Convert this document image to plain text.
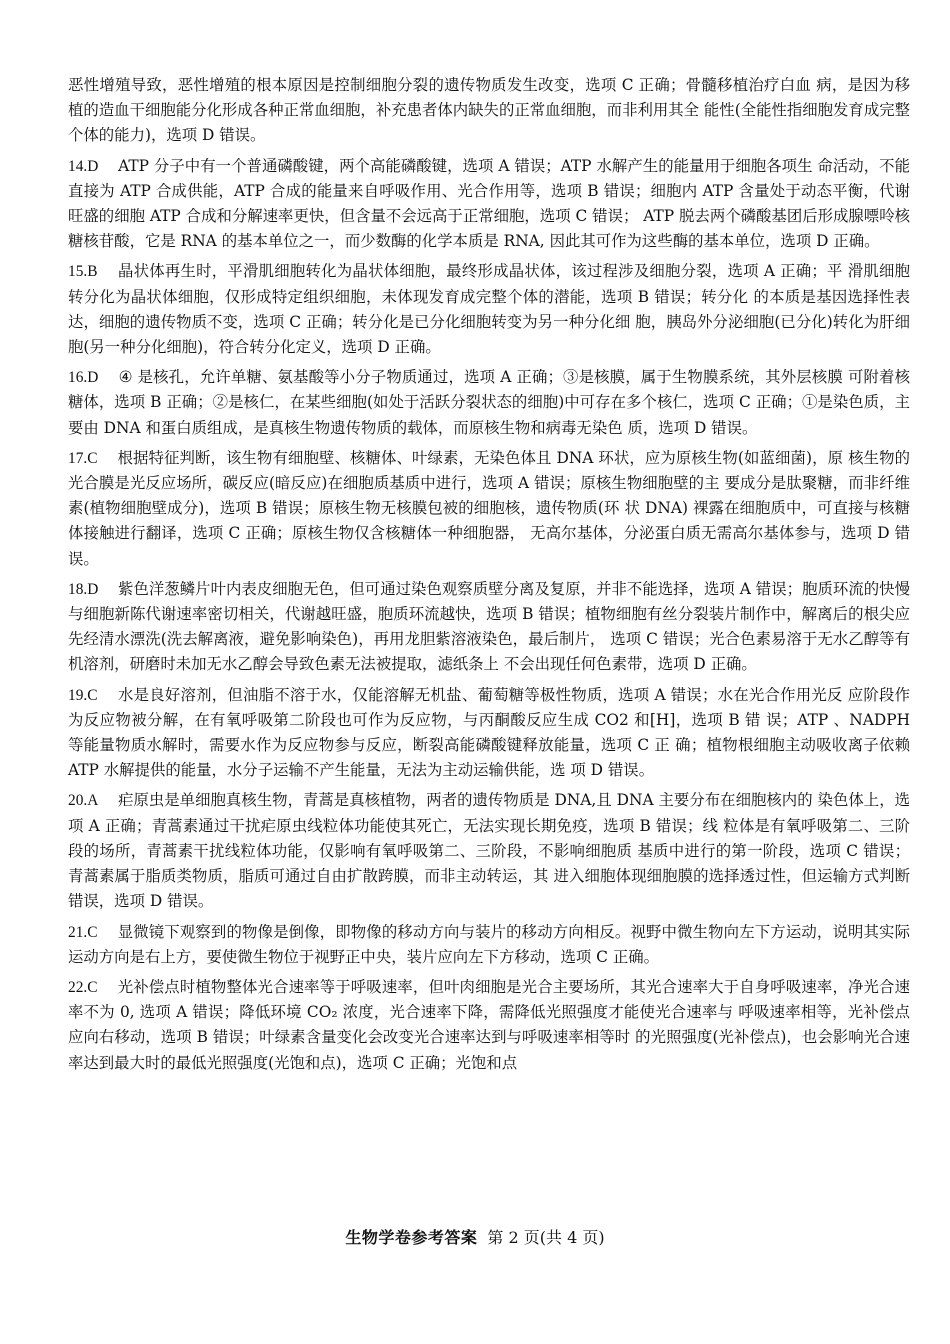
恶性增殖导致，恶性增殖的根本原因是控制细胞分裂的遗传物质发生改变，选项 C 正确；骨髓移植治疗白血 病，是因为移植的造血干细胞能分化形成各种正常血细胞，补充患者体内缺失的正常血细胞，而非利用其全 能性(全能性指细胞发育成完整个体的能力)，选项 D 错误。

14.D ATP 分子中有一个普通磷酸键，两个高能磷酸键，选项 A 错误；ATP 水解产生的能量用于细胞各项生 命活动，不能直接为 ATP 合成供能，ATP 合成的能量来自呼吸作用、光合作用等，选项 B 错误；细胞内 ATP 含量处于动态平衡，代谢旺盛的细胞 ATP 合成和分解速率更快，但含量不会远高于正常细胞，选项 C 错误； ATP 脱去两个磷酸基团后形成腺嘌呤核糖核苷酸，它是 RNA 的基本单位之一，而少数酶的化学本质是 RNA, 因此其可作为这些酶的基本单位，选项 D 正确。

15.B 晶状体再生时，平滑肌细胞转化为晶状体细胞，最终形成晶状体，该过程涉及细胞分裂，选项 A 正确；平 滑肌细胞转分化为晶状体细胞，仅形成特定组织细胞，未体现发育成完整个体的潜能，选项 B 错误；转分化 的本质是基因选择性表达，细胞的遗传物质不变，选项 C 正确；转分化是已分化细胞转变为另一种分化细 胞，胰岛外分泌细胞(已分化)转化为肝细胞(另一种分化细胞)，符合转分化定义，选项 D 正确。

16.D ④ 是核孔，允许单糖、氨基酸等小分子物质通过，选项 A 正确；③是核膜，属于生物膜系统，其外层核膜 可附着核糖体，选项 B 正确；②是核仁，在某些细胞(如处于活跃分裂状态的细胞)中可存在多个核仁，选项 C 正确；①是染色质，主要由 DNA 和蛋白质组成，是真核生物遗传物质的载体，而原核生物和病毒无染色 质，选项 D 错误。

17.C 根据特征判断，该生物有细胞壁、核糖体、叶绿素，无染色体且 DNA 环状，应为原核生物(如蓝细菌)，原 核生物的光合膜是光反应场所，碳反应(暗反应)在细胞质基质中进行，选项 A 错误；原核生物细胞壁的主 要成分是肽聚糖，而非纤维素(植物细胞壁成分)，选项 B 错误；原核生物无核膜包被的细胞核，遗传物质(环 状 DNA) 裸露在细胞质中，可直接与核糖体接触进行翻译，选项 C 正确；原核生物仅含核糖体一种细胞器， 无高尔基体，分泌蛋白质无需高尔基体参与，选项 D 错误。

18.D 紫色洋葱鳞片叶内表皮细胞无色，但可通过染色观察质壁分离及复原，并非不能选择，选项 A 错误；胞质环流的快慢与细胞新陈代谢速率密切相关，代谢越旺盛，胞质环流越快，选项 B 错误；植物细胞有丝分裂装片制作中，解离后的根尖应先经清水漂洗(洗去解离液，避免影响染色)，再用龙胆紫溶液染色，最后制片， 选项 C 错误；光合色素易溶于无水乙醇等有机溶剂，研磨时未加无水乙醇会导致色素无法被提取，滤纸条上 不会出现任何色素带，选项 D 正确。

19.C 水是良好溶剂，但油脂不溶于水，仅能溶解无机盐、葡萄糖等极性物质，选项 A 错误；水在光合作用光反 应阶段作为反应物被分解，在有氧呼吸第二阶段也可作为反应物，与丙酮酸反应生成 CO2 和[H]，选项 B 错 误；ATP 、NADPH 等能量物质水解时，需要水作为反应物参与反应，断裂高能磷酸键释放能量，选项 C 正 确；植物根细胞主动吸收离子依赖 ATP 水解提供的能量，水分子运输不产生能量，无法为主动运输供能，选 项 D 错误。

20.A 疟原虫是单细胞真核生物，青蒿是真核植物，两者的遗传物质是 DNA,且 DNA 主要分布在细胞核内的 染色体上，选项 A 正确；青蒿素通过干扰疟原虫线粒体功能使其死亡，无法实现长期免疫，选项 B 错误；线 粒体是有氧呼吸第二、三阶段的场所，青蒿素干扰线粒体功能，仅影响有氧呼吸第二、三阶段，不影响细胞质 基质中进行的第一阶段，选项 C 错误；青蒿素属于脂质类物质，脂质可通过自由扩散跨膜，而非主动转运，其 进入细胞体现细胞膜的选择透过性，但运输方式判断错误，选项 D 错误。

21.C 显微镜下观察到的物像是倒像，即物像的移动方向与装片的移动方向相反。视野中微生物向左下方运动，说明其实际运动方向是右上方，要使微生物位于视野正中央，装片应向左下方移动，选项 C 正确。

22.C 光补偿点时植物整体光合速率等于呼吸速率，但叶肉细胞是光合主要场所，其光合速率大于自身呼吸速率，净光合速率不为 0, 选项 A 错误；降低环境 CO₂ 浓度，光合速率下降，需降低光照强度才能使光合速率与 呼吸速率相等，光补偿点应向右移动，选项 B 错误；叶绿素含量变化会改变光合速率达到与呼吸速率相等时 的光照强度(光补偿点)，也会影响光合速率达到最大时的最低光照强度(光饱和点)，选项 C 正确；光饱和点

生物学卷参考答案 第 2 页(共 4 页)
